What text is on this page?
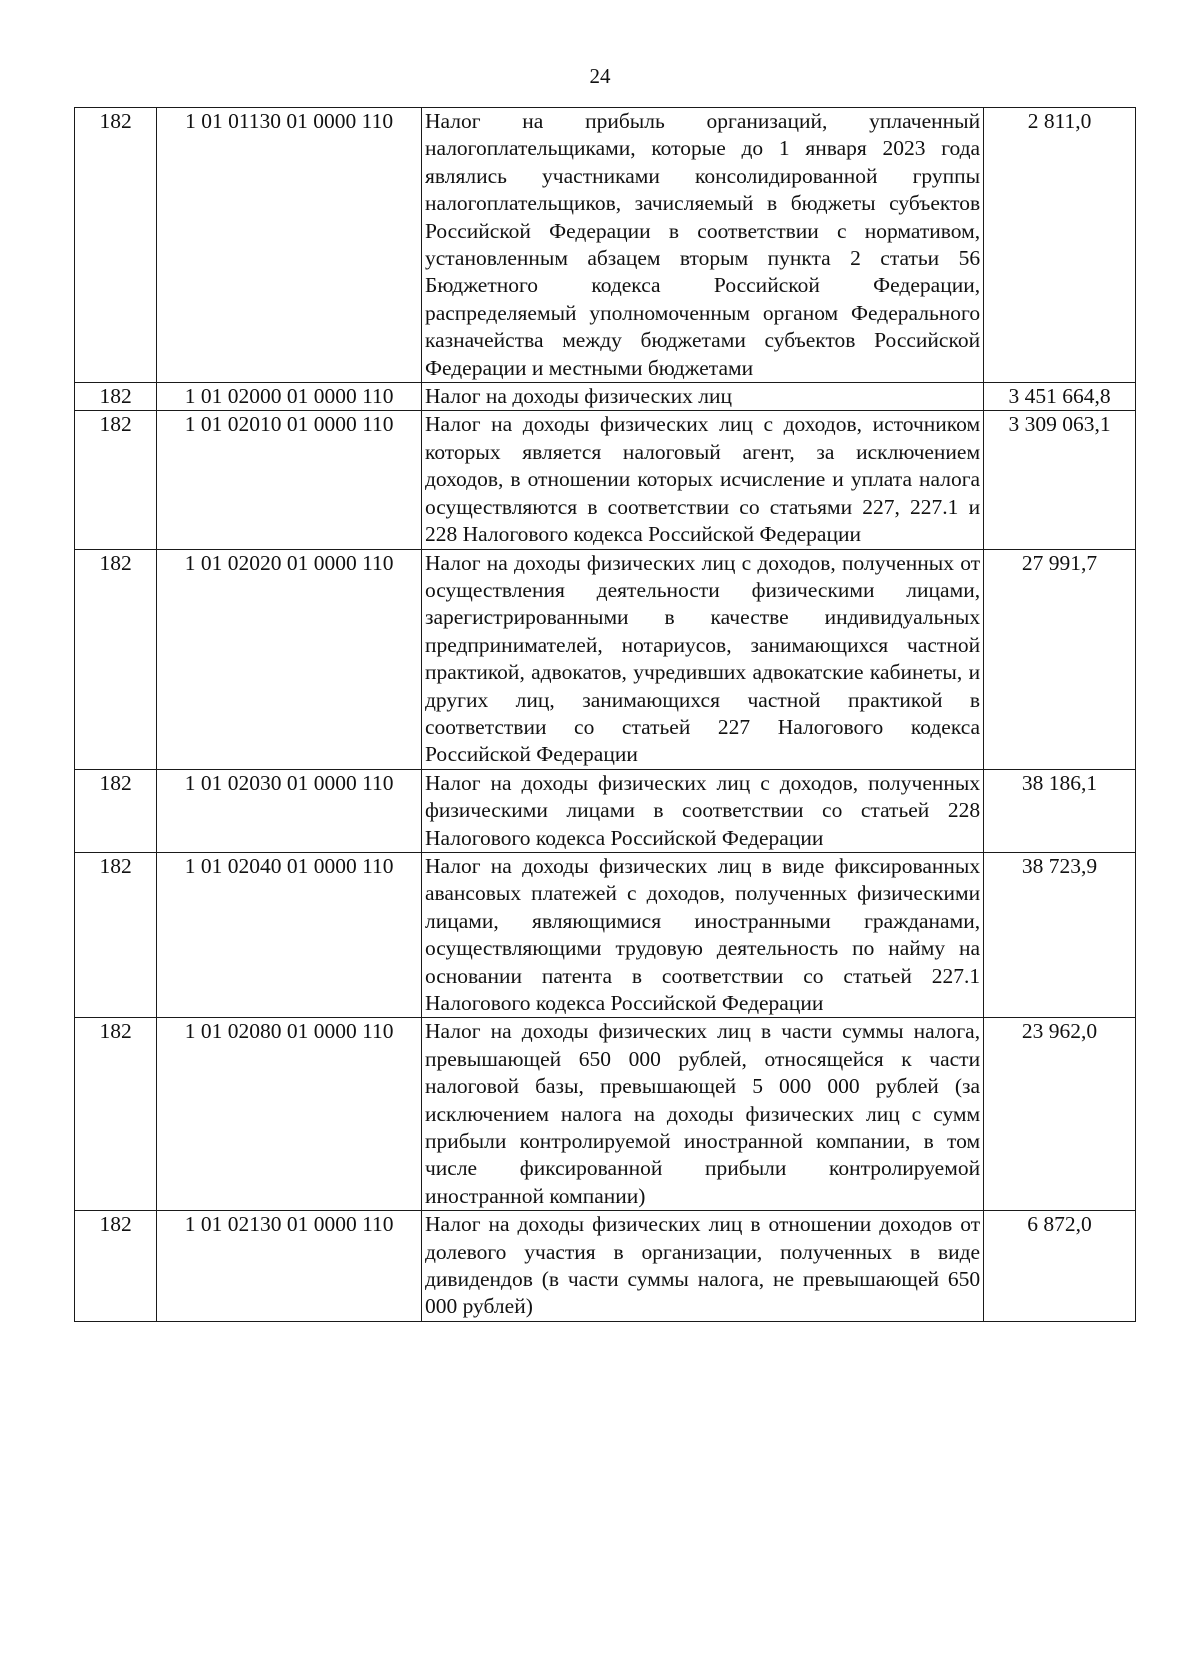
24
182	1 01 01130 01 0000 110	Налог на прибыль организаций, уплаченный налогоплательщиками, которые до 1 января 2023 года являлись участниками консолидированной группы налогоплательщиков, зачисляемый в бюджеты субъектов Российской Федерации в соответствии с нормативом, установленным абзацем вторым пункта 2 статьи 56 Бюджетного кодекса Российской Федерации, распределяемый уполномоченным органом Федерального казначейства между бюджетами субъектов Российской Федерации и местными бюджетами	2 811,0
182	1 01 02000 01 0000 110	Налог на доходы физических лиц	3 451 664,8
182	1 01 02010 01 0000 110	Налог на доходы физических лиц с доходов, источником которых является налоговый агент, за исключением доходов, в отношении которых исчисление и уплата налога осуществляются в соответствии со статьями 227, 227.1 и 228 Налогового кодекса Российской Федерации	3 309 063,1
182	1 01 02020 01 0000 110	Налог на доходы физических лиц с доходов, полученных от осуществления деятельности физическими лицами, зарегистрированными в качестве индивидуальных предпринимателей, нотариусов, занимающихся частной практикой, адвокатов, учредивших адвокатские кабинеты, и других лиц, занимающихся частной практикой в соответствии со статьей 227 Налогового кодекса Российской Федерации	27 991,7
182	1 01 02030 01 0000 110	Налог на доходы физических лиц с доходов, полученных физическими лицами в соответствии со статьей 228 Налогового кодекса Российской Федерации	38 186,1
182	1 01 02040 01 0000 110	Налог на доходы физических лиц в виде фиксированных авансовых платежей с доходов, полученных физическими лицами, являющимися иностранными гражданами, осуществляющими трудовую деятельность по найму на основании патента в соответствии со статьей 227.1 Налогового кодекса Российской Федерации	38 723,9
182	1 01 02080 01 0000 110	Налог на доходы физических лиц в части суммы налога, превышающей 650 000 рублей, относящейся к части налоговой базы, превышающей 5 000 000 рублей (за исключением налога на доходы физических лиц с сумм прибыли контролируемой иностранной компании, в том числе фиксированной прибыли контролируемой иностранной компании)	23 962,0
182	1 01 02130 01 0000 110	Налог на доходы физических лиц в отношении доходов от долевого участия в организации, полученных в виде дивидендов (в части суммы налога, не превышающей 650 000 рублей)	6 872,0
